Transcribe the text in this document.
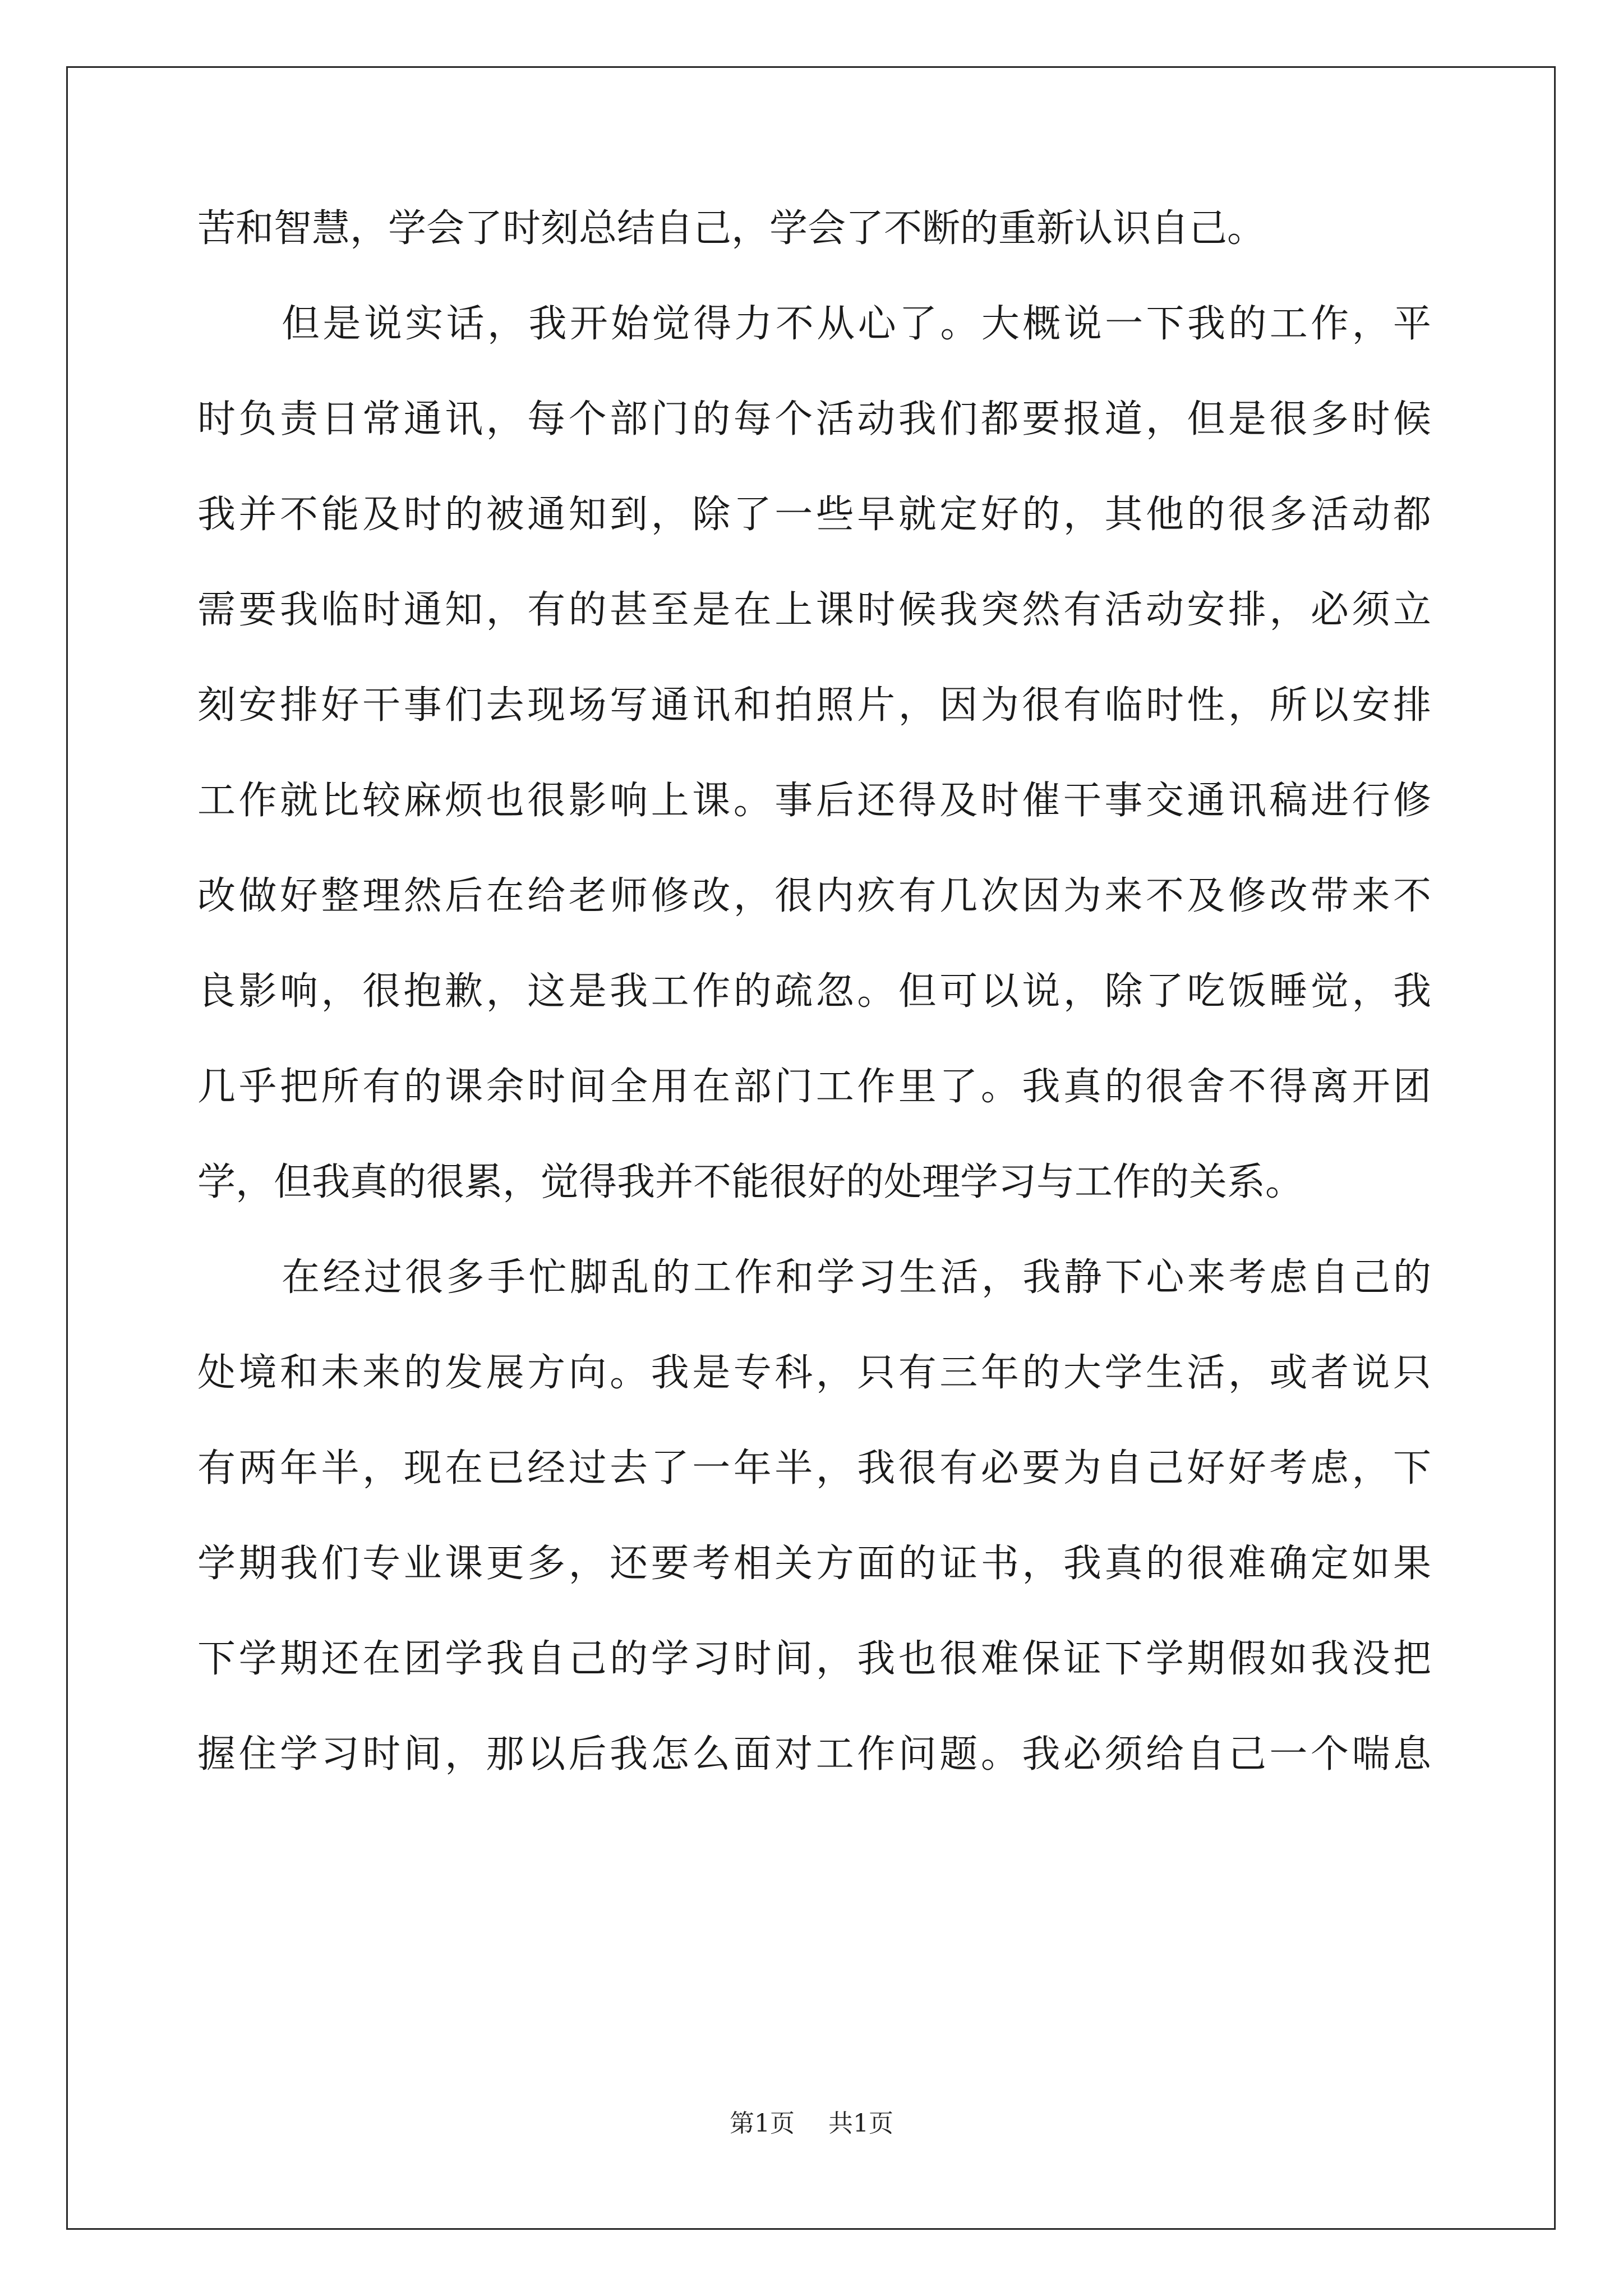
苦和智慧，学会了时刻总结自己，学会了不断的重新认识自己。
但是说实话，我开始觉得力不从心了。大概说一下我的工作，平
时负责日常通讯，每个部门的每个活动我们都要报道，但是很多时候
我并不能及时的被通知到，除了一些早就定好的，其他的很多活动都
需要我临时通知，有的甚至是在上课时候我突然有活动安排，必须立
刻安排好干事们去现场写通讯和拍照片，因为很有临时性，所以安排
工作就比较麻烦也很影响上课。事后还得及时催干事交通讯稿进行修
改做好整理然后在给老师修改，很内疚有几次因为来不及修改带来不
良影响，很抱歉，这是我工作的疏忽。但可以说，除了吃饭睡觉，我
几乎把所有的课余时间全用在部门工作里了。我真的很舍不得离开团
学，但我真的很累，觉得我并不能很好的处理学习与工作的关系。
在经过很多手忙脚乱的工作和学习生活，我静下心来考虑自己的
处境和未来的发展方向。我是专科，只有三年的大学生活，或者说只
有两年半，现在已经过去了一年半，我很有必要为自己好好考虑，下
学期我们专业课更多，还要考相关方面的证书，我真的很难确定如果
下学期还在团学我自己的学习时间，我也很难保证下学期假如我没把
握住学习时间，那以后我怎么面对工作问题。我必须给自己一个喘息
第1页 共1页
